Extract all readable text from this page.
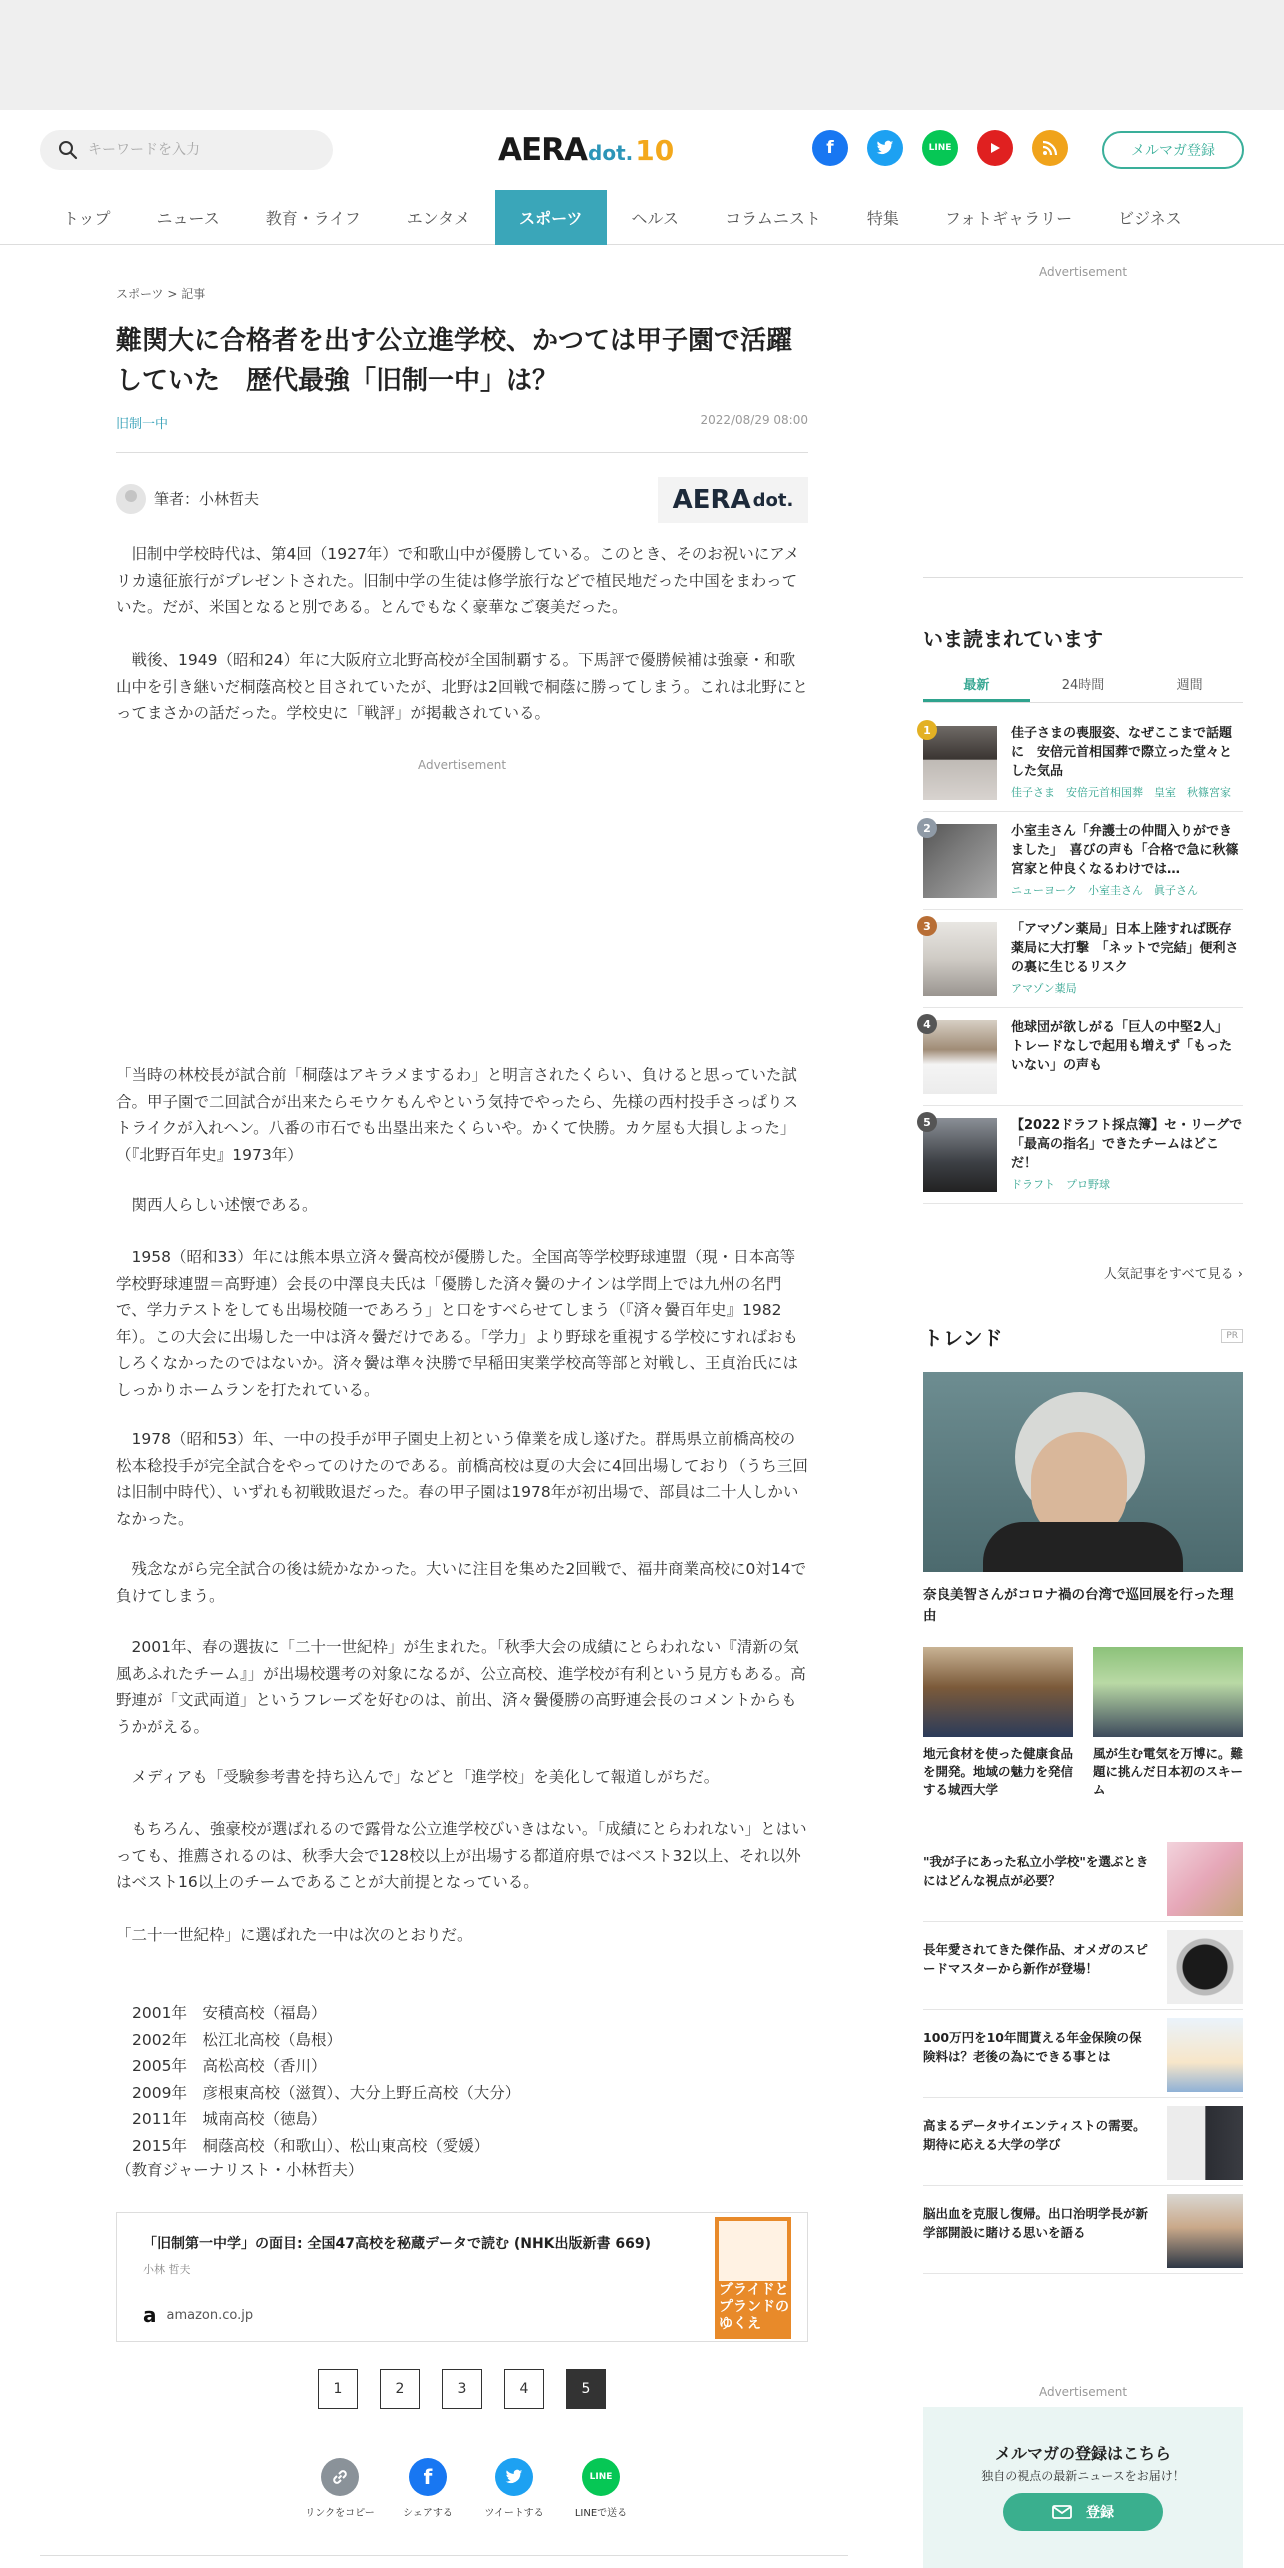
キーワードを入力
AERA dot. 10	f	LINE	メルマガ登録
トップ	ニュース	教育・ライフ	エンタメ	スポーツ	ヘルス	コラムニスト	特集	フォトギャラリー	ビジネス
スポーツ > 記事
難関大に合格者を出す公立進学校、かつては甲子園で活躍していた　歴代最強「旧制一中」は？
旧制一中	2022/08/29 08:00
筆者：小林哲夫	AERA dot.

　旧制中学校時代は、第4回（1927年）で和歌山中が優勝している。このとき、そのお祝いにアメリカ遠征旅行がプレゼントされた。旧制中学の生徒は修学旅行などで植民地だった中国をまわっていた。だが、米国となると別である。とんでもなく豪華なご褒美だった。

　戦後、1949（昭和24）年に大阪府立北野高校が全国制覇する。下馬評で優勝候補は強豪・和歌山中を引き継いだ桐蔭高校と目されていたが、北野は2回戦で桐蔭に勝ってしまう。これは北野にとってまさかの話だった。学校史に「戦評」が掲載されている。

Advertisement

「当時の林校長が試合前「桐蔭はアキラメまするわ」と明言されたくらい、負けると思っていた試合。甲子園で二回試合が出来たらモウケもんやという気持でやったら、先様の西村投手さっぱりストライクが入れヘン。八番の市石でも出塁出来たくらいや。かくて快勝。カケ屋も大損しよった」（『北野百年史』1973年）

　関西人らしい述懐である。

　1958（昭和33）年には熊本県立済々黌高校が優勝した。全国高等学校野球連盟（現・日本高等学校野球連盟＝高野連）会長の中澤良夫氏は「優勝した済々黌のナインは学問上では九州の名門で、学力テストをしても出場校随一であろう」と口をすべらせてしまう（『済々黌百年史』1982年）。この大会に出場した一中は済々黌だけである。「学力」より野球を重視する学校にすればおもしろくなかったのではないか。済々黌は準々決勝で早稲田実業学校高等部と対戦し、王貞治氏にはしっかりホームランを打たれている。

　1978（昭和53）年、一中の投手が甲子園史上初という偉業を成し遂げた。群馬県立前橋高校の松本稔投手が完全試合をやってのけたのである。前橋高校は夏の大会に4回出場しており（うち三回は旧制中時代）、いずれも初戦敗退だった。春の甲子園は1978年が初出場で、部員は二十人しかいなかった。

　残念ながら完全試合の後は続かなかった。大いに注目を集めた2回戦で、福井商業高校に0対14で負けてしまう。

　2001年、春の選抜に「二十一世紀枠」が生まれた。「秋季大会の成績にとらわれない『清新の気風あふれたチーム』」が出場校選考の対象になるが、公立高校、進学校が有利という見方もある。高野連が「文武両道」というフレーズを好むのは、前出、済々黌優勝の高野連会長のコメントからもうかがえる。

　メディアも「受験参考書を持ち込んで」などと「進学校」を美化して報道しがちだ。

　もちろん、強豪校が選ばれるので露骨な公立進学校びいきはない。「成績にとらわれない」とはいっても、推薦されるのは、秋季大会で128校以上が出場する都道府県ではベスト32以上、それ以外はベスト16以上のチームであることが大前提となっている。

「二十一世紀枠」に選ばれた一中は次のとおりだ。

2001年　安積高校（福島）
2002年　松江北高校（島根）
2005年　高松高校（香川）
2009年　彦根東高校（滋賀）、大分上野丘高校（大分）
2011年　城南高校（徳島）
2015年　桐蔭高校（和歌山）、松山東高校（愛媛）

（教育ジャーナリスト・小林哲夫）

「旧制第一中学」の面目: 全国47高校を秘蔵データで読む (NHK出版新書 669)
小林 哲夫
a amazon.co.jp
ブライドとプランドのゆくえ
1	2	3	4	5
リンクをコピー
f
シェアする	ツイートする
LINE
LINEで送る
Advertisement
いま読まれています
最新	24時間	週間
1	佳子さまの喪服姿、なぜここまで話題に　安倍元首相国葬で際立った堂々とした気品
佳子さま　安倍元首相国葬　皇室　秋篠宮家
2	小室圭さん「弁護士の仲間入りができました」　喜びの声も「合格で急に秋篠宮家と仲良くなるわけでは…
ニューヨーク　小室圭さん　眞子さん
3	「アマゾン薬局」日本上陸すれば既存薬局に大打撃　「ネットで完結」便利さの裏に生じるリスク
アマゾン薬局
4	他球団が欲しがる「巨人の中堅2人」　トレードなしで起用も増えず「もったいない」の声も
5	【2022ドラフト採点簿】セ・リーグで「最高の指名」できたチームはどこだ！
ドラフト　プロ野球
人気記事をすべて見る ›
トレンド	PR
奈良美智さんがコロナ禍の台湾で巡回展を行った理由
地元食材を使った健康食品を開発。地域の魅力を発信する城西大学
風が生む電気を万博に。難題に挑んだ日本初のスキーム
"我が子にあった私立小学校"を選ぶときにはどんな視点が必要？
長年愛されてきた傑作品、オメガのスピードマスターから新作が登場！
100万円を10年間貰える年金保険の保険料は？老後の為にできる事とは
高まるデータサイエンティストの需要。期待に応える大学の学び
脳出血を克服し復帰。出口治明学長が新学部開設に賭ける思いを語る
Advertisement
メルマガの登録はこちら
独自の視点の最新ニュースをお届け！
登録
